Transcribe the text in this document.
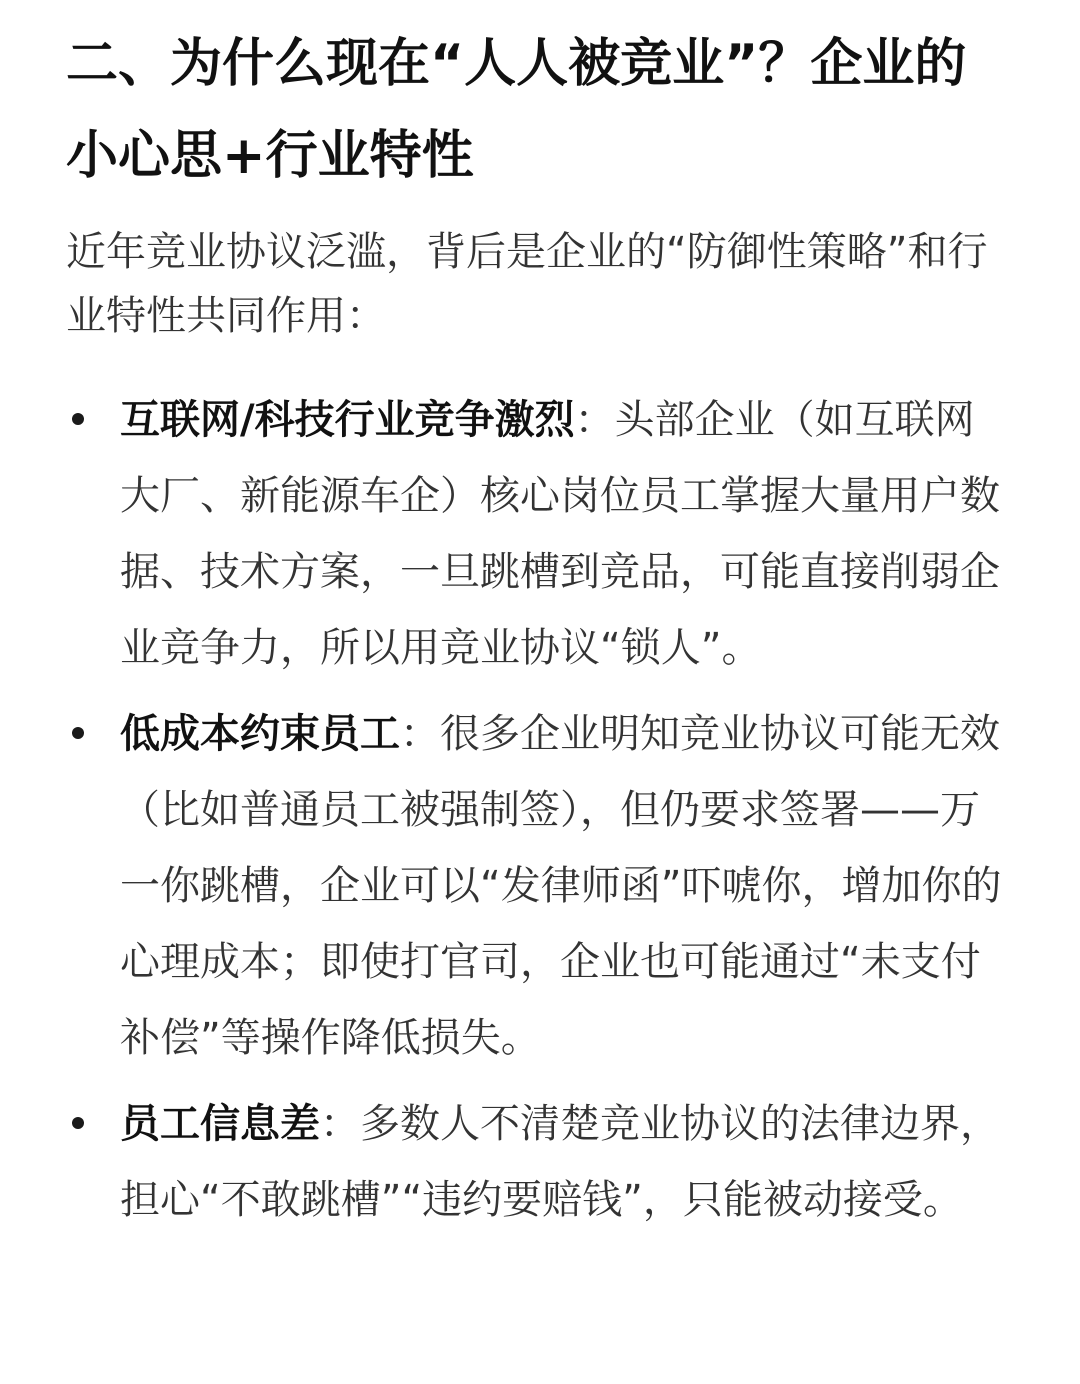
二、为什么现在“人人被竞业”？企业的小心思+行业特性

近年竞业协议泛滥，背后是企业的“防御性策略”和行业特性共同作用：

互联网/科技行业竞争激烈：头部企业（如互联网大厂、新能源车企）核心岗位员工掌握大量用户数据、技术方案，一旦跳槽到竞品，可能直接削弱企业竞争力，所以用竞业协议“锁人”。
低成本约束员工：很多企业明知竞业协议可能无效（比如普通员工被强制签），但仍要求签署——万一你跳槽，企业可以“发律师函”吓唬你，增加你的心理成本；即使打官司，企业也可能通过“未支付补偿”等操作降低损失。
员工信息差：多数人不清楚竞业协议的法律边界，担心“不敢跳槽”“违约要赔钱”，只能被动接受。
